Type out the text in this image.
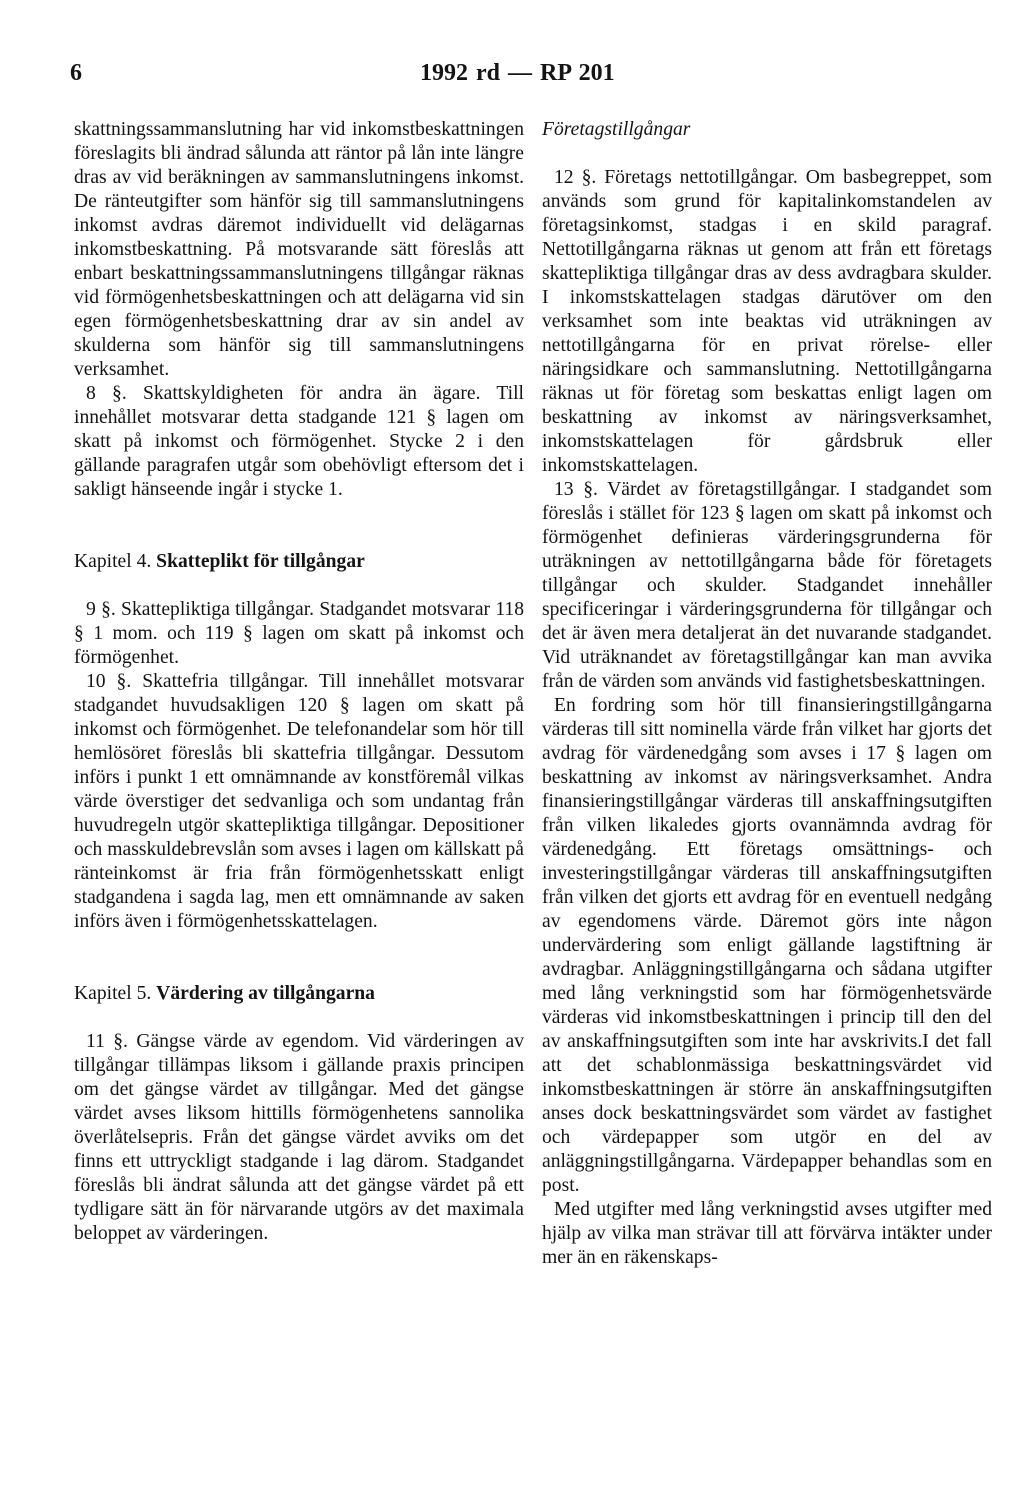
6	1992 rd — RP 201

skattningssammanslutning har vid inkomstbeskattningen föreslagits bli ändrad sålunda att räntor på lån inte längre dras av vid beräkningen av sammanslutningens inkomst. De ränteutgifter som hänför sig till sammanslutningens inkomst avdras däremot individuellt vid delägarnas inkomstbeskattning. På motsvarande sätt föreslås att enbart beskattningssammanslutningens tillgångar räknas vid förmögenhetsbeskattningen och att delägarna vid sin egen förmögenhetsbeskattning drar av sin andel av skulderna som hänför sig till sammanslutningens verksamhet.

8 §. Skattskyldigheten för andra än ägare. Till innehållet motsvarar detta stadgande 121 § lagen om skatt på inkomst och förmögenhet. Stycke 2 i den gällande paragrafen utgår som obehövligt eftersom det i sakligt hänseende ingår i stycke 1.

Kapitel 4. Skatteplikt för tillgångar

9 §. Skattepliktiga tillgångar. Stadgandet motsvarar 118 § 1 mom. och 119 § lagen om skatt på inkomst och förmögenhet.

10 §. Skattefria tillgångar. Till innehållet motsvarar stadgandet huvudsakligen 120 § lagen om skatt på inkomst och förmögenhet. De telefonandelar som hör till hemlösöret föreslås bli skattefria tillgångar. Dessutom införs i punkt 1 ett omnämnande av konstföremål vilkas värde överstiger det sedvanliga och som undantag från huvudregeln utgör skattepliktiga tillgångar. Depositioner och masskuldebrevslån som avses i lagen om källskatt på ränteinkomst är fria från förmögenhetsskatt enligt stadgandena i sagda lag, men ett omnämnande av saken införs även i förmögenhetsskattelagen.

Kapitel 5. Värdering av tillgångarna

11 §. Gängse värde av egendom. Vid värderingen av tillgångar tillämpas liksom i gällande praxis principen om det gängse värdet av tillgångar. Med det gängse värdet avses liksom hittills förmögenhetens sannolika överlåtelsepris. Från det gängse värdet avviks om det finns ett uttryckligt stadgande i lag därom. Stadgandet föreslås bli ändrat sålunda att det gängse värdet på ett tydligare sätt än för närvarande utgörs av det maximala beloppet av värderingen.

Företagstillgångar

12 §. Företags nettotillgångar. Om basbegreppet, som används som grund för kapitalinkomstandelen av företagsinkomst, stadgas i en skild paragraf. Nettotillgångarna räknas ut genom att från ett företags skattepliktiga tillgångar dras av dess avdragbara skulder. I inkomstskattelagen stadgas därutöver om den verksamhet som inte beaktas vid uträkningen av nettotillgångarna för en privat rörelse- eller näringsidkare och sammanslutning. Nettotillgångarna räknas ut för företag som beskattas enligt lagen om beskattning av inkomst av näringsverksamhet, inkomstskattelagen för gårdsbruk eller inkomstskattelagen.

13 §. Värdet av företagstillgångar. I stadgandet som föreslås i stället för 123 § lagen om skatt på inkomst och förmögenhet definieras värderingsgrunderna för uträkningen av nettotillgångarna både för företagets tillgångar och skulder. Stadgandet innehåller specificeringar i värderingsgrunderna för tillgångar och det är även mera detaljerat än det nuvarande stadgandet. Vid uträknandet av företagstillgångar kan man avvika från de värden som används vid fastighetsbeskattningen.

En fordring som hör till finansieringstillgångarna värderas till sitt nominella värde från vilket har gjorts det avdrag för värdenedgång som avses i 17 § lagen om beskattning av inkomst av näringsverksamhet. Andra finansieringstillgångar värderas till anskaffningsutgiften från vilken likaledes gjorts ovannämnda avdrag för värdenedgång. Ett företags omsättnings- och investeringstillgångar värderas till anskaffningsutgiften från vilken det gjorts ett avdrag för en eventuell nedgång av egendomens värde. Däremot görs inte någon undervärdering som enligt gällande lagstiftning är avdragbar. Anläggningstillgångarna och sådana utgifter med lång verkningstid som har förmögenhetsvärde värderas vid inkomstbeskattningen i princip till den del av anskaffningsutgiften som inte har avskrivits.I det fall att det schablonmässiga beskattningsvärdet vid inkomstbeskattningen är större än anskaffningsutgiften anses dock beskattningsvärdet som värdet av fastighet och värdepapper som utgör en del av anläggningstillgångarna. Värdepapper behandlas som en post.

Med utgifter med lång verkningstid avses utgifter med hjälp av vilka man strävar till att förvärva intäkter under mer än en räkenskaps-
